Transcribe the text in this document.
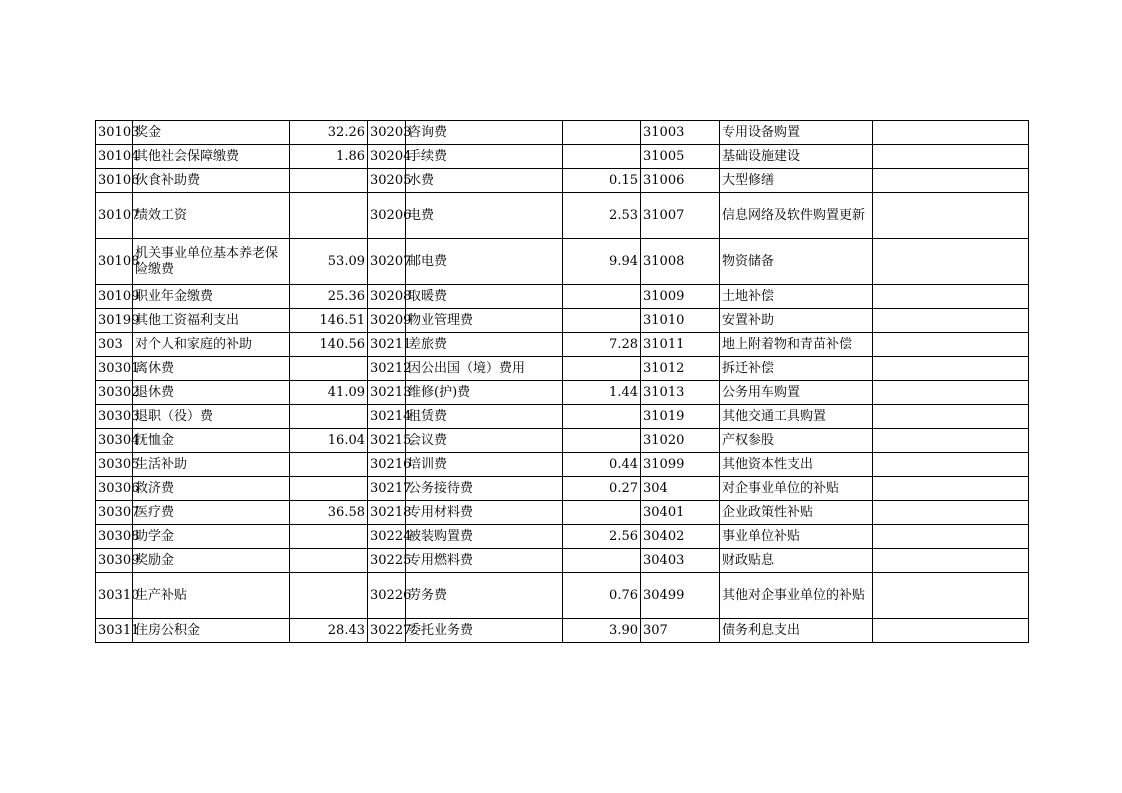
30103	奖金	32.26	30203	咨询费		31003	专用设备购置	
30104	其他社会保障缴费	1.86	30204	手续费		31005	基础设施建设	
30106	伙食补助费		30205	水费	0.15	31006	大型修缮	
30107	绩效工资		30206	电费	2.53	31007	信息网络及软件购置更新	
30108	机关事业单位基本养老保险缴费	53.09	30207	邮电费	9.94	31008	物资储备	
30109	职业年金缴费	25.36	30208	取暖费		31009	土地补偿	
30199	其他工资福利支出	146.51	30209	物业管理费		31010	安置补助	
303	对个人和家庭的补助	140.56	30211	差旅费	7.28	31011	地上附着物和青苗补偿	
30301	离休费		30212	因公出国（境）费用		31012	拆迁补偿	
30302	退休费	41.09	30213	维修(护)费	1.44	31013	公务用车购置	
30303	退职（役）费		30214	租赁费		31019	其他交通工具购置	
30304	抚恤金	16.04	30215	会议费		31020	产权参股	
30305	生活补助		30216	培训费	0.44	31099	其他资本性支出	
30306	救济费		30217	公务接待费	0.27	304	对企事业单位的补贴	
30307	医疗费	36.58	30218	专用材料费		30401	企业政策性补贴	
30308	助学金		30224	被装购置费	2.56	30402	事业单位补贴	
30309	奖励金		30225	专用燃料费		30403	财政贴息	
30310	生产补贴		30226	劳务费	0.76	30499	其他对企事业单位的补贴	
30311	住房公积金	28.43	30227	委托业务费	3.90	307	债务利息支出	
